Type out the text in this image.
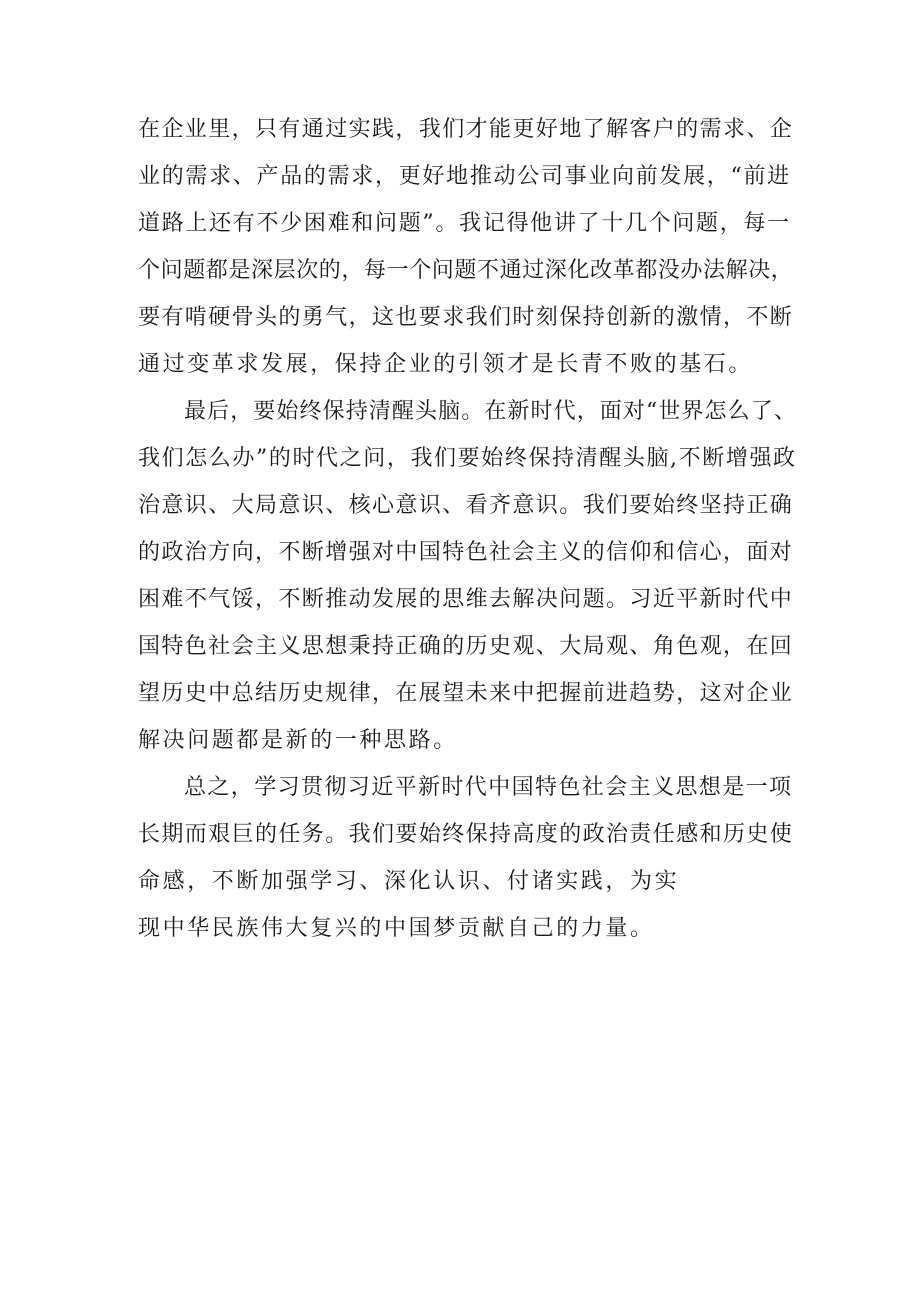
在企业里，只有通过实践，我们才能更好地了解客户的需求、企
业的需求、产品的需求，更好地推动公司事业向前发展，“前进
道路上还有不少困难和问题”。我记得他讲了十几个问题，每一
个问题都是深层次的，每一个问题不通过深化改革都没办法解决，
要有啃硬骨头的勇气，这也要求我们时刻保持创新的激情，不断
通过变革求发展，保持企业的引领才是长青不败的基石。
最后，要始终保持清醒头脑。在新时代，面对“世界怎么了、
我们怎么办”的时代之问，我们要始终保持清醒头脑,不断增强政
治意识、大局意识、核心意识、看齐意识。我们要始终坚持正确
的政治方向，不断增强对中国特色社会主义的信仰和信心，面对
困难不气馁，不断推动发展的思维去解决问题。习近平新时代中
国特色社会主义思想秉持正确的历史观、大局观、角色观，在回
望历史中总结历史规律，在展望未来中把握前进趋势，这对企业
解决问题都是新的一种思路。
总之，学习贯彻习近平新时代中国特色社会主义思想是一项
长期而艰巨的任务。我们要始终保持高度的政治责任感和历史使
命感，不断加强学习、深化认识、付诸实践，为实
现中华民族伟大复兴的中国梦贡献自己的力量。
